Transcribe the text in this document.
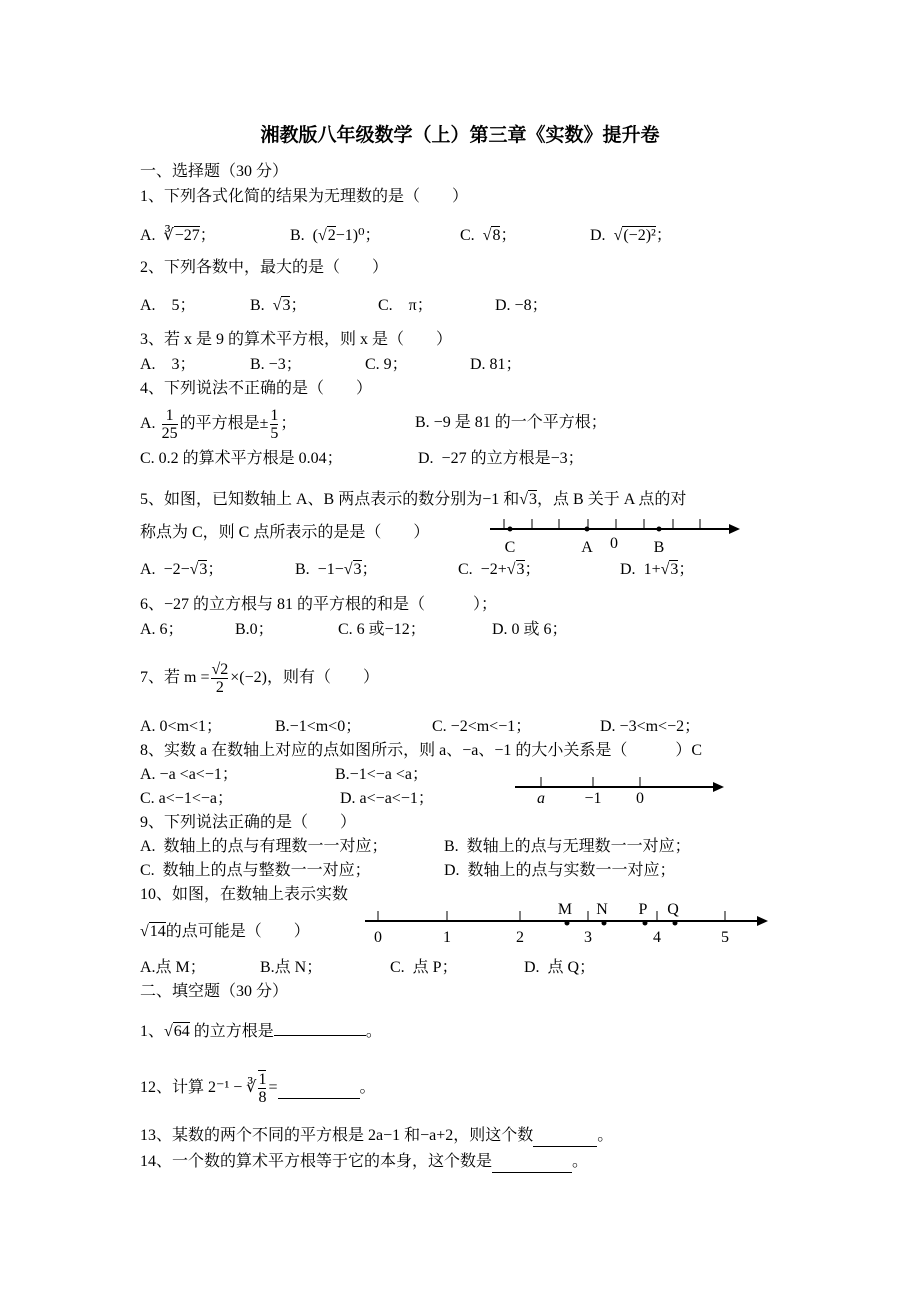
湘教版八年级数学（上）第三章《实数》提升卷
一、选择题（30 分）
1、下列各式化简的结果为无理数的是（　　）
A. ∛−27；	B. (√2−1)⁰；	C. √8；	D. √(−2)²；
2、下列各数中，最大的是（　　）
A.　5；	B. √3；	C.　π；	D. −8；
3、若 x 是 9 的算术平方根，则 x 是（　　）
A.　3；	B. −3；	C. 9；	D. 81；
4、下列说法不正确的是（　　）
A. $\frac{1}{25}$ 的平方根是± $\frac{1}{5}$ ；	B. −9 是 81 的一个平方根；
C. 0.2 的算术平方根是 0.04；	D.  −27 的立方根是−3；
5、如图，已知数轴上 A、B 两点表示的数分别为−1 和√3，点 B 关于 A 点的对
称点为 C，则 C 点所表示的是是（　　）
A. −2−√3；	B. −1−√3；	C. −2+√3；	D. 1+√3；
6、−27 的立方根与 81 的平方根的和是（　　　）；
A. 6；	B.0；	C. 6 或−12；	D. 0 或 6；
7、若 $m = \frac{√2}{2} \times(-2)$，则有（　　）
A. 0<m<1；	B.−1<m<0；	C. −2<m<−1；	D. −3<m<−2；
8、实数 a 在数轴上对应的点如图所示，则 a、−a、−1 的大小关系是（　　　）C
A. −a <a<−1；	B.−1<−a <a；
C. a<−1<−a；	D. a<−a<−1；
9、下列说法正确的是（　　）
A.  数轴上的点与有理数一一对应；	B.  数轴上的点与无理数一一对应；
C.  数轴上的点与整数一一对应；	D.  数轴上的点与实数一一对应；
10、如图，在数轴上表示实数
√14的点可能是（　　）
A.点 M；	B.点 N；	C.  点 P；	D.  点 Q；
二、填空题（30 分）
1、√64 的立方根是	。
12、计算 2⁻¹ − ∛ $\frac{1}{8}$ =	。
13、某数的两个不同的平方根是 2a−1 和−a+2，则这个数	。
14、一个数的算术平方根等于它的本身，这个数是	。
C	A	B
0
a −1 0
0	1	2	3	4	5
M N P Q
